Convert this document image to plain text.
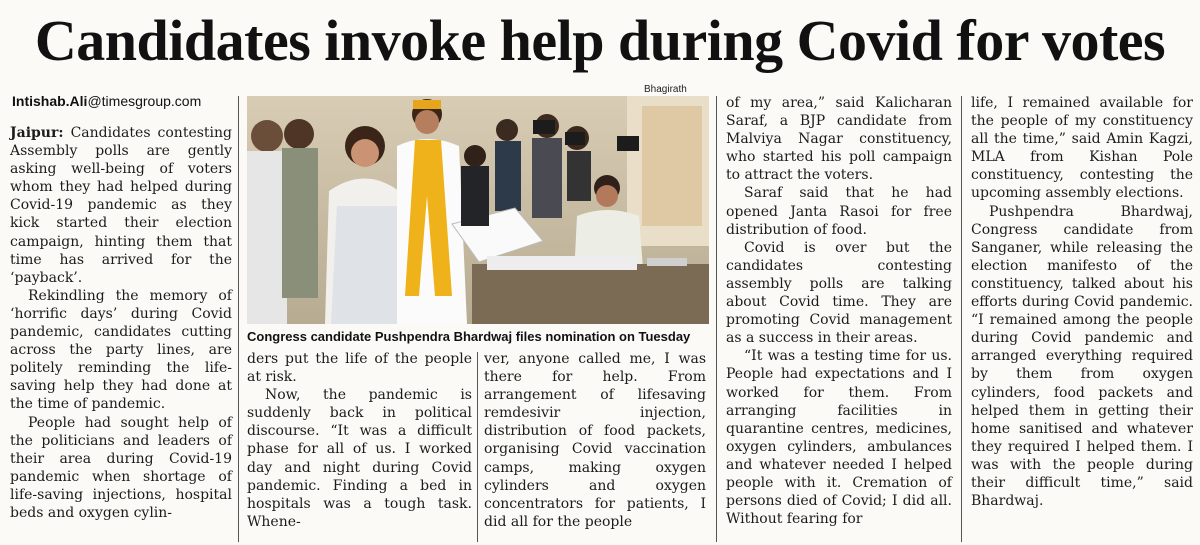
Candidates invoke help during Covid for votes
Intishab.Ali@timesgroup.com

Jaipur: Candidates contesting Assembly polls are gently asking well-being of voters whom they had helped during Covid-19 pandemic as they kick started their election campaign, hinting them that time has arrived for the ‘payback’.

Rekindling the memory of ‘horrific days’ during Covid pandemic, candidates cutting across the party lines, are politely reminding the life-saving help they had done at the time of pandemic.

People had sought help of the politicians and leaders of their area during Covid-19 pandemic when shortage of life-saving injections, hospital beds and oxygen cylin-

Bhagirath
Congress candidate Pushpendra Bhardwaj files nomination on Tuesday

ders put the life of the people at risk.

Now, the pandemic is suddenly back in political discourse. “It was a difficult phase for all of us. I worked day and night during Covid pandemic. Finding a bed in hospitals was a tough task. Whene-

ver, anyone called me, I was there for help. From arrangement of lifesaving remdesivir injection, distribution of food packets, organising Covid vaccination camps, making oxygen cylinders and oxygen concentrators for patients, I did all for the people

of my area,” said Kalicharan Saraf, a BJP candidate from Malviya Nagar constituency, who started his poll campaign to attract the voters.

Saraf said that he had opened Janta Rasoi for free distribution of food.

Covid is over but the candidates contesting assembly polls are talking about Covid time. They are promoting Covid management as a success in their areas.

“It was a testing time for us. People had expectations and I worked for them. From arranging facilities in quarantine centres, medicines, oxygen cylinders, ambulances and whatever needed I helped people with it. Cremation of persons died of Covid; I did all. Without fearing for

life, I remained available for the people of my constituency all the time,” said Amin Kagzi, MLA from Kishan Pole constituency, contesting the upcoming assembly elections.

Pushpendra Bhardwaj, Congress candidate from Sanganer, while releasing the election manifesto of the constituency, talked about his efforts during Covid pandemic. “I remained among the people during Covid pandemic and arranged everything required by them from oxygen cylinders, food packets and helped them in getting their home sanitised and whatever they required I helped them. I was with the people during their difficult time,” said Bhardwaj.
